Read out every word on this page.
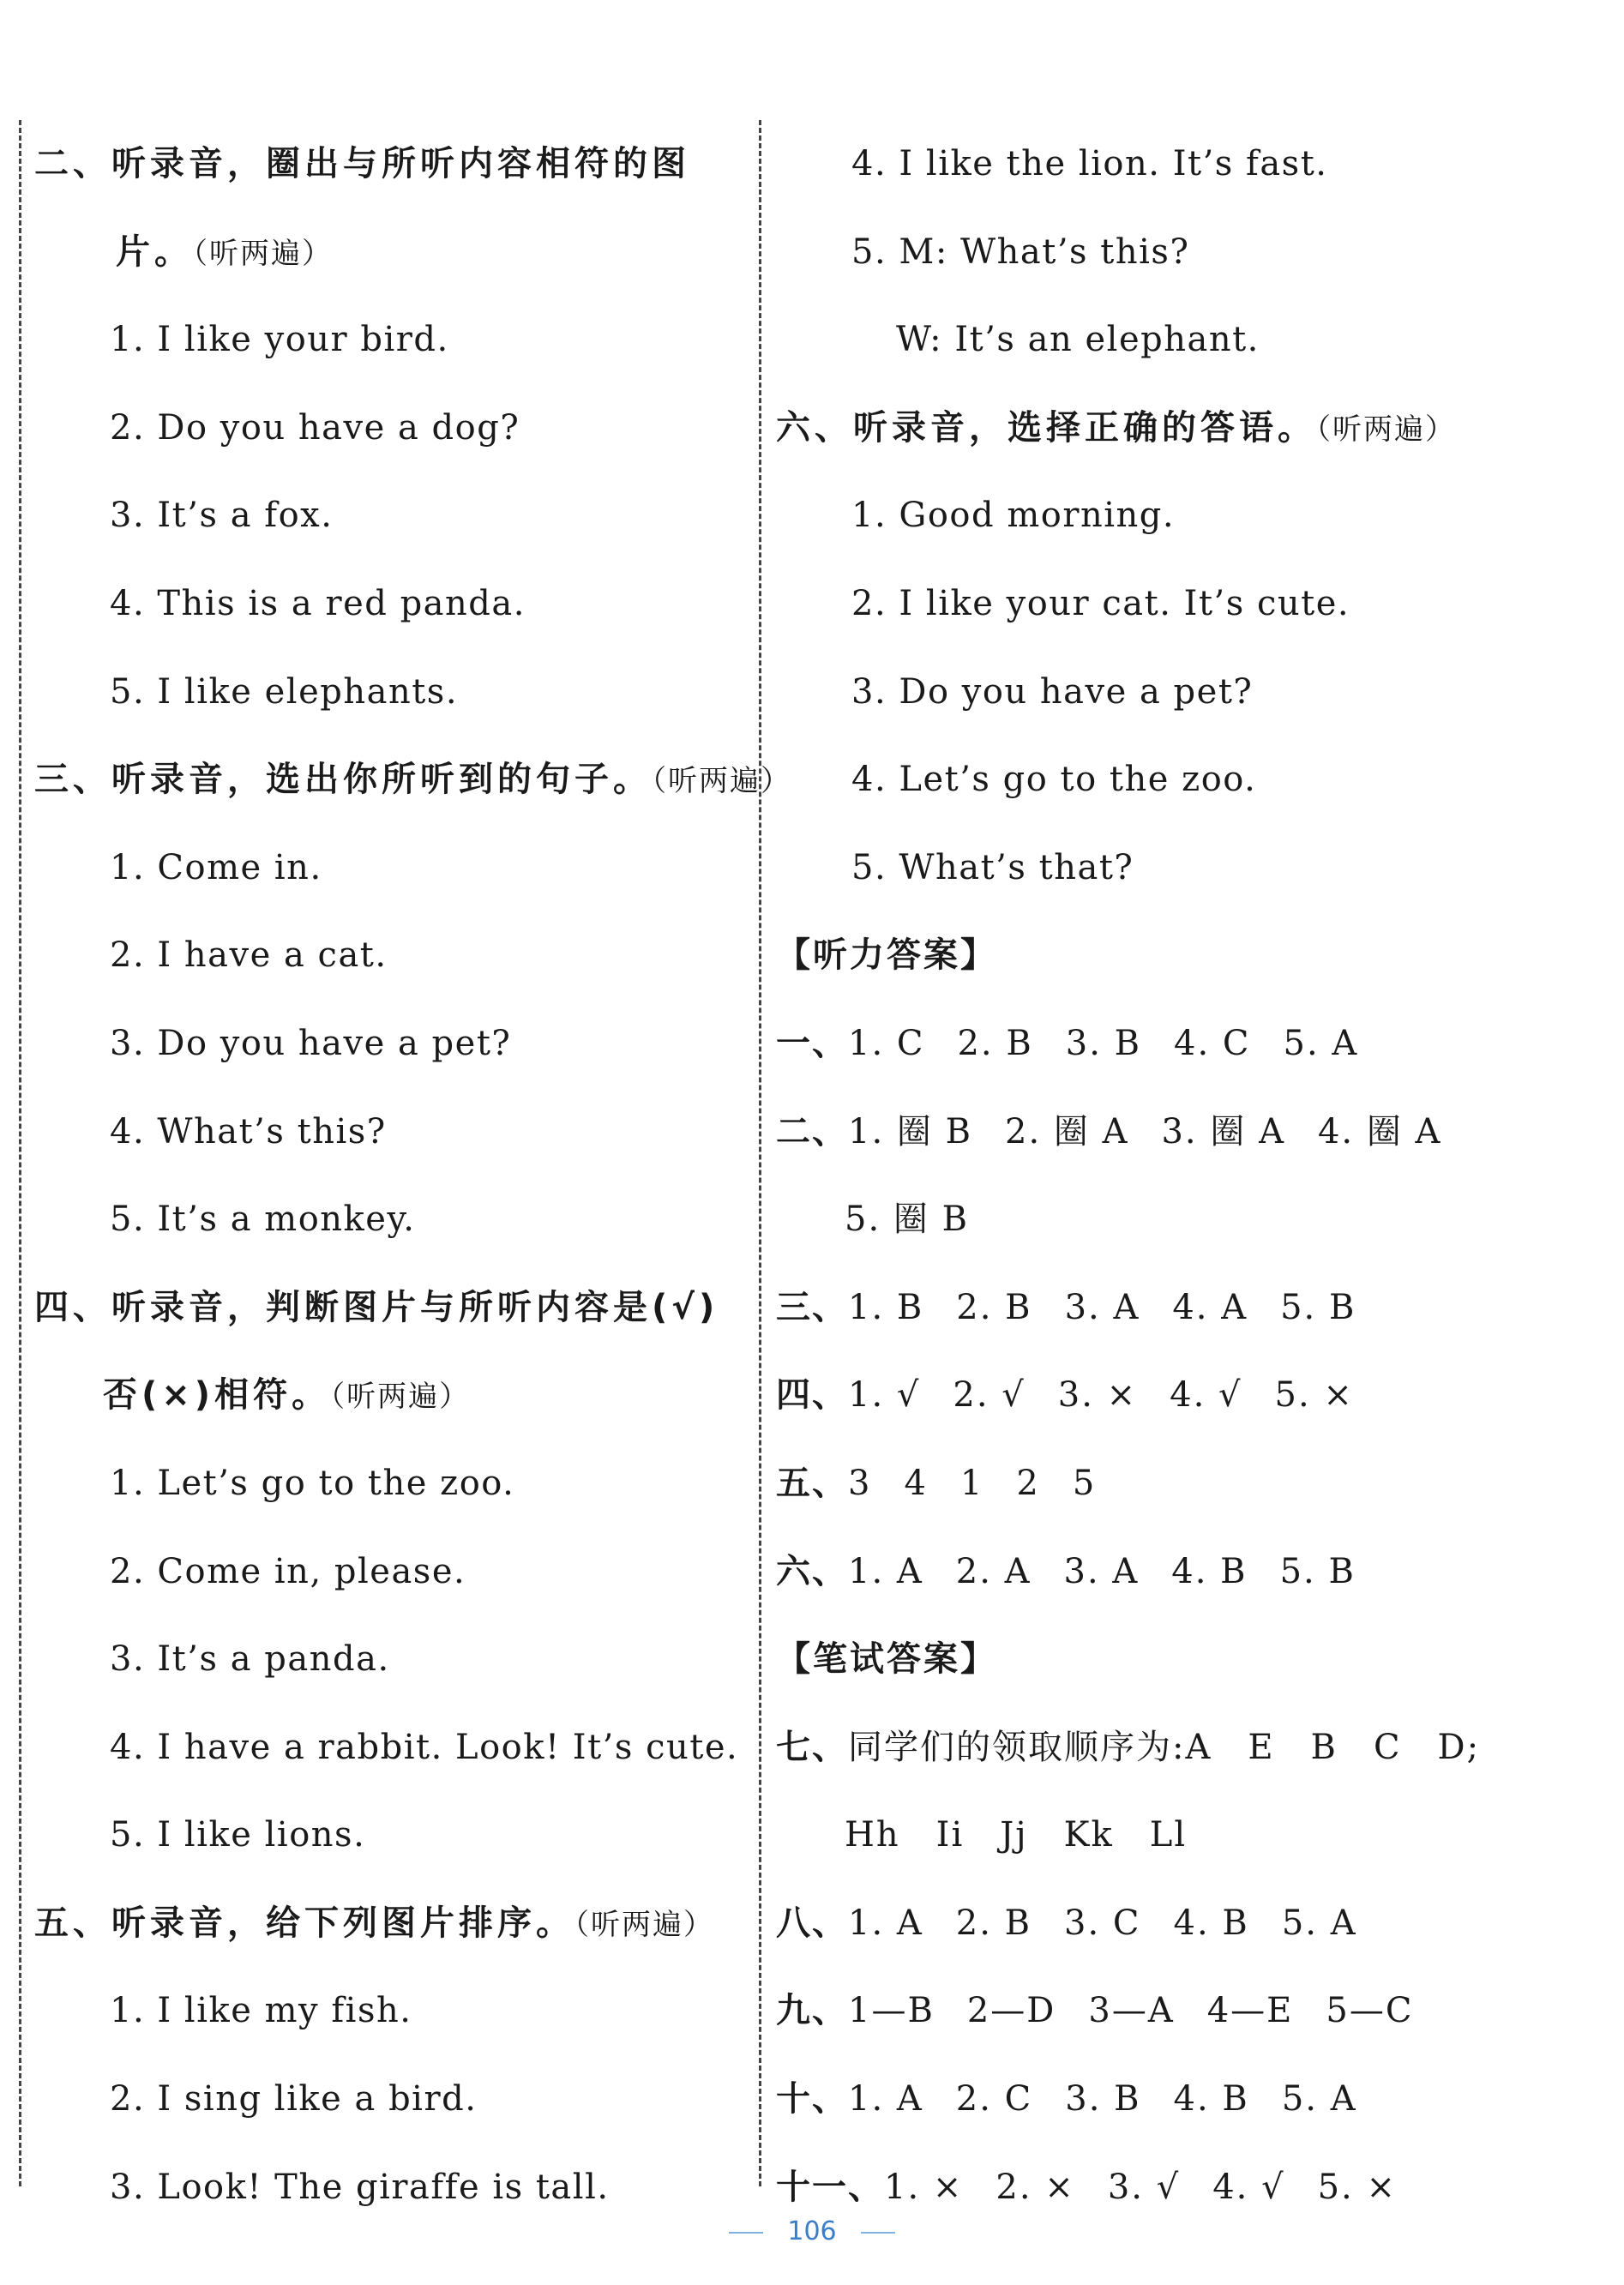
二、听录音，圈出与所听内容相符的图
片。（听两遍）
1. I like your bird.
2. Do you have a dog?
3. It’s a fox.
4. This is a red panda.
5. I like elephants.
三、听录音，选出你所听到的句子。（听两遍）
1. Come in.
2. I have a cat.
3. Do you have a pet?
4. What’s this?
5. It’s a monkey.
四、听录音，判断图片与所听内容是(√)
否(×)相符。（听两遍）
1. Let’s go to the zoo.
2. Come in, please.
3. It’s a panda.
4. I have a rabbit. Look! It’s cute.
5. I like lions.
五、听录音，给下列图片排序。（听两遍）
1. I like my fish.
2. I sing like a bird.
3. Look! The giraffe is tall.
4. I like the lion. It’s fast.
5. M: What’s this?
W: It’s an elephant.
六、听录音，选择正确的答语。（听两遍）
1. Good morning.
2. I like your cat. It’s cute.
3. Do you have a pet?
4. Let’s go to the zoo.
5. What’s that?
【听力答案】
一、1. C 2. B 3. B 4. C 5. A
二、1. 圈 B 2. 圈 A 3. 圈 A 4. 圈 A
5. 圈 B
三、1. B 2. B 3. A 4. A 5. B
四、1. √ 2. √ 3. × 4. √ 5. ×
五、3 4 1 2 5
六、1. A 2. A 3. A 4. B 5. B
【笔试答案】
七、同学们的领取顺序为:A　E　B　C　D;
Hh　Ii　Jj　Kk　Ll
八、1. A 2. B 3. C 4. B 5. A
九、1—B 2—D 3—A 4—E 5—C
十、1. A 2. C 3. B 4. B 5. A
十一、1. × 2. × 3. √ 4. √ 5. ×
106
